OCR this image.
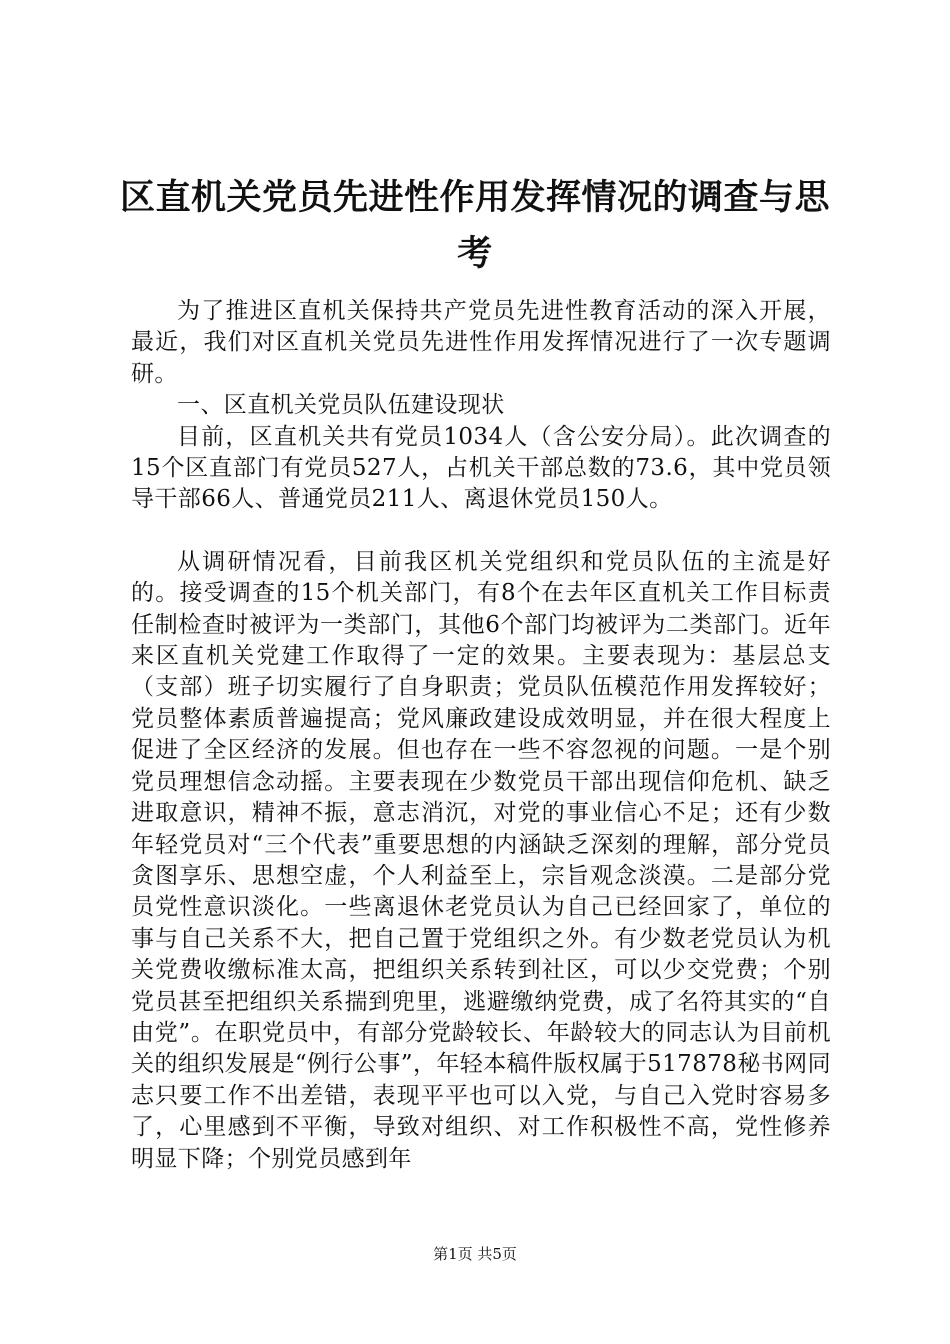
区直机关党员先进性作用发挥情况的调查与思考

为了推进区直机关保持共产党员先进性教育活动的深入开展，最近，我们对区直机关党员先进性作用发挥情况进行了一次专题调研。

一、区直机关党员队伍建设现状

目前，区直机关共有党员1034人（含公安分局）。此次调查的15个区直部门有党员527人，占机关干部总数的73.6，其中党员领导干部66人、普通党员211人、离退休党员150人。

从调研情况看，目前我区机关党组织和党员队伍的主流是好的。接受调查的15个机关部门，有8个在去年区直机关工作目标责任制检查时被评为一类部门，其他6个部门均被评为二类部门。近年来区直机关党建工作取得了一定的效果。主要表现为：基层总支（支部）班子切实履行了自身职责；党员队伍模范作用发挥较好；党员整体素质普遍提高；党风廉政建设成效明显，并在很大程度上促进了全区经济的发展。但也存在一些不容忽视的问题。一是个别党员理想信念动摇。主要表现在少数党员干部出现信仰危机、缺乏进取意识，精神不振，意志消沉，对党的事业信心不足；还有少数年轻党员对“三个代表”重要思想的内涵缺乏深刻的理解，部分党员贪图享乐、思想空虚，个人利益至上，宗旨观念淡漠。二是部分党员党性意识淡化。一些离退休老党员认为自己已经回家了，单位的事与自己关系不大，把自己置于党组织之外。有少数老党员认为机关党费收缴标准太高，把组织关系转到社区，可以少交党费；个别党员甚至把组织关系揣到兜里，逃避缴纳党费，成了名符其实的“自由党”。在职党员中，有部分党龄较长、年龄较大的同志认为目前机关的组织发展是“例行公事”，年轻本稿件版权属于517878秘书网同志只要工作不出差错，表现平平也可以入党，与自己入党时容易多了，心里感到不平衡，导致对组织、对工作积极性不高，党性修养明显下降；个别党员感到年

第1页 共5页
